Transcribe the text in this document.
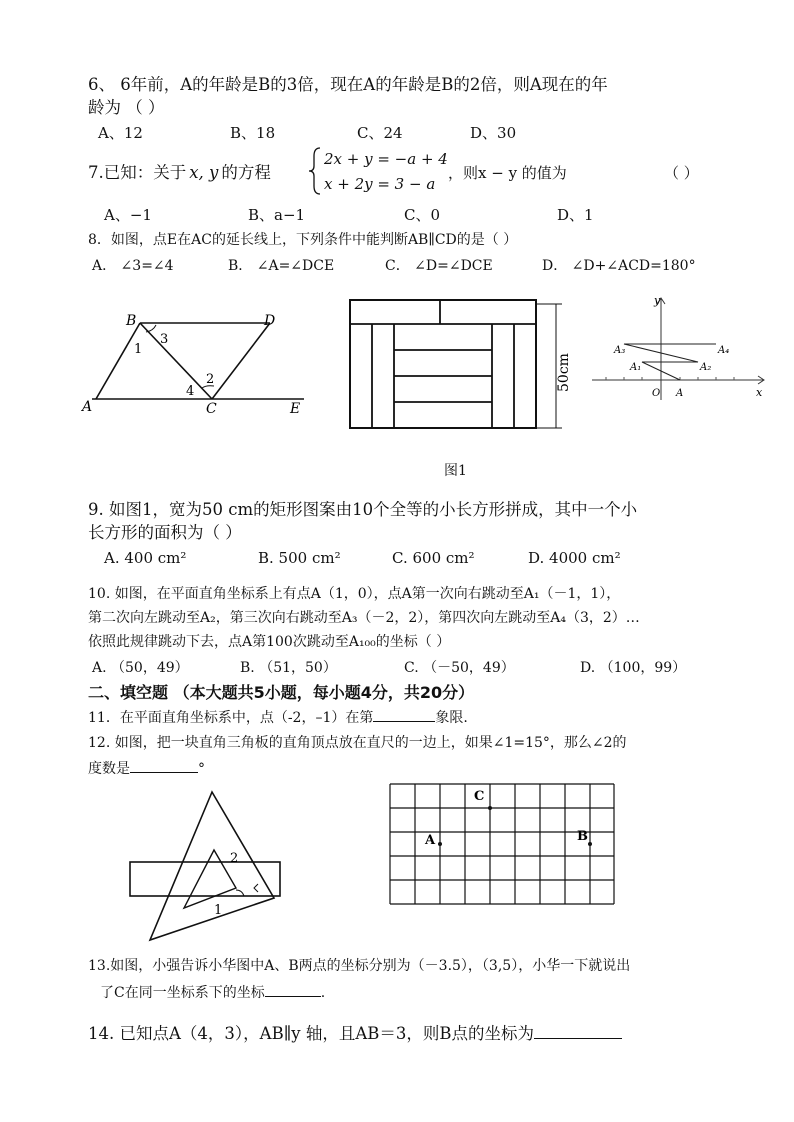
6、 6年前，A的年龄是B的3倍，现在A的年龄是B的2倍，则A现在的年
龄为 （ ）
A、12	B、18	C、24	D、30
7.已知：关于 x, y 的方程
2x + y = −a + 4
x + 2y = 3 − a
，则x − y 的值为	（ ）
A、−1	B、a−1	C、0	D、1
8．如图，点E在AC的延长线上，下列条件中能判断AB∥CD的是（ ）
A． ∠3=∠4	B． ∠A=∠DCE	C． ∠D=∠DCE	D． ∠D+∠ACD=180°
B	D
1
3
2
4
A	C	E
50cm
图1
y
A₃	A₄
A₁	A₂
O A	x
9. 如图1，宽为50 cm的矩形图案由10个全等的小长方形拼成，其中一个小
长方形的面积为（ ）
A. 400 cm²	B. 500 cm²	C. 600 cm²	D. 4000 cm²
10. 如图，在平面直角坐标系上有点A（1，0），点A第一次向右跳动至A₁（－1，1），
第二次向左跳动至A₂，第三次向右跳动至A₃（－2，2），第四次向左跳动至A₄（3，2）…
依照此规律跳动下去，点A第100次跳动至A₁₀₀的坐标（ ）
A. （50，49）	B. （51，50）	C. （－50，49）	D. （100，99）
二、填空题 （本大题共5小题，每小题4分，共20分）
11．在平面直角坐标系中，点（-2，–1）在第	象限.
12. 如图，把一块直角三角板的直角顶点放在直尺的一边上，如果∠1=15°，那么∠2的
度数是	°
2
1
C
A	B
13.如图，小强告诉小华图中A、B两点的坐标分别为（－3.5），（3,5），小华一下就说出
了C在同一坐标系下的坐标	.
14. 已知点A（4，3），AB∥y 轴，且AB＝3，则B点的坐标为
